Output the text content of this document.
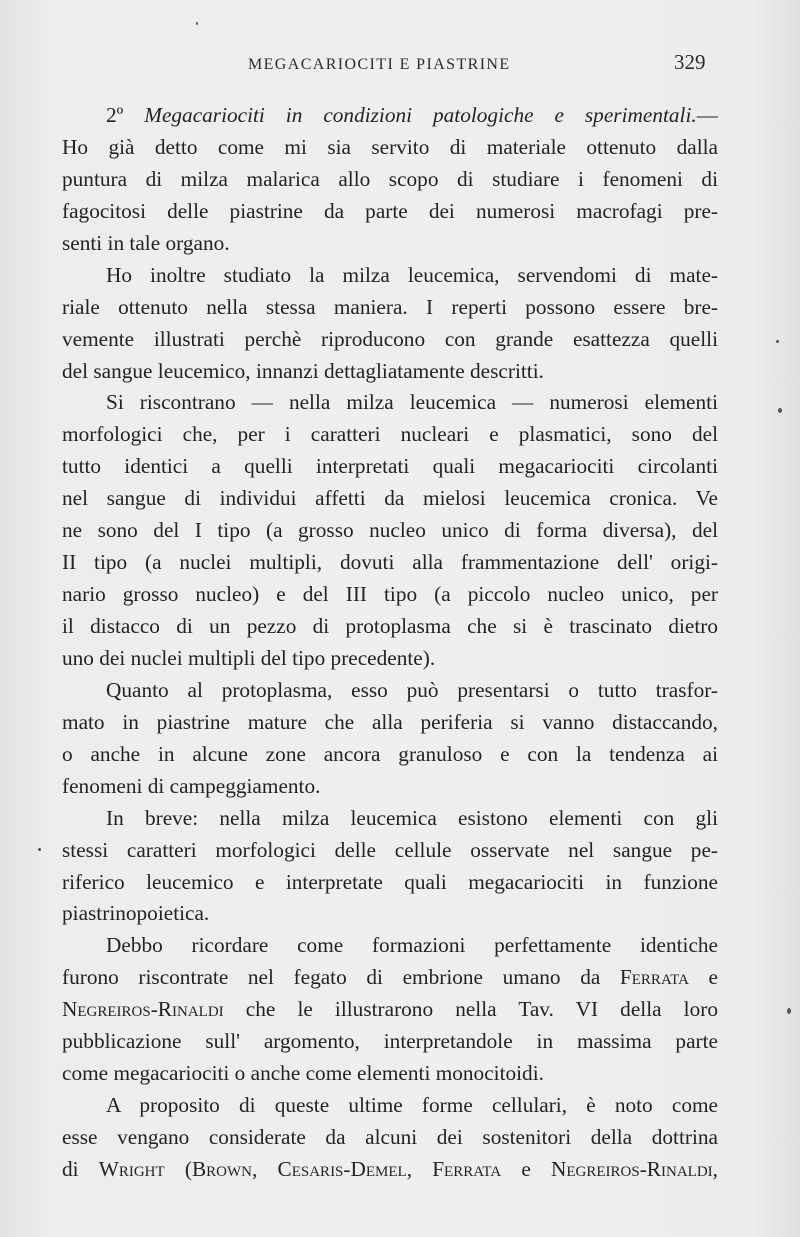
MEGACARIOCITI E PIASTRINE	329
2º Megacariociti in condizioni patologiche e sperimentali.—
Ho già detto come mi sia servito di materiale ottenuto dalla
puntura di milza malarica allo scopo di studiare i fenomeni di
fagocitosi delle piastrine da parte dei numerosi macrofagi pre-
senti in tale organo.
Ho inoltre studiato la milza leucemica, servendomi di mate-
riale ottenuto nella stessa maniera. I reperti possono essere bre-
vemente illustrati perchè riproducono con grande esattezza quelli
del sangue leucemico, innanzi dettagliatamente descritti.
Si riscontrano — nella milza leucemica — numerosi elementi
morfologici che, per i caratteri nucleari e plasmatici, sono del
tutto identici a quelli interpretati quali megacariociti circolanti
nel sangue di individui affetti da mielosi leucemica cronica. Ve
ne sono del I tipo (a grosso nucleo unico di forma diversa), del
II tipo (a nuclei multipli, dovuti alla frammentazione dell' origi-
nario grosso nucleo) e del III tipo (a piccolo nucleo unico, per
il distacco di un pezzo di protoplasma che si è trascinato dietro
uno dei nuclei multipli del tipo precedente).
Quanto al protoplasma, esso può presentarsi o tutto trasfor-
mato in piastrine mature che alla periferia si vanno distaccando,
o anche in alcune zone ancora granuloso e con la tendenza ai
fenomeni di campeggiamento.
In breve: nella milza leucemica esistono elementi con gli
stessi caratteri morfologici delle cellule osservate nel sangue pe-
riferico leucemico e interpretate quali megacariociti in funzione
piastrinopoietica.
Debbo ricordare come formazioni perfettamente identiche
furono riscontrate nel fegato di embrione umano da Ferrata e
Negreiros-Rinaldi che le illustrarono nella Tav. VI della loro
pubblicazione sull' argomento, interpretandole in massima parte
come megacariociti o anche come elementi monocitoidi.
A proposito di queste ultime forme cellulari, è noto come
esse vengano considerate da alcuni dei sostenitori della dottrina
di Wright (Brown, Cesaris-Demel, Ferrata e Negreiros-Rinaldi,
